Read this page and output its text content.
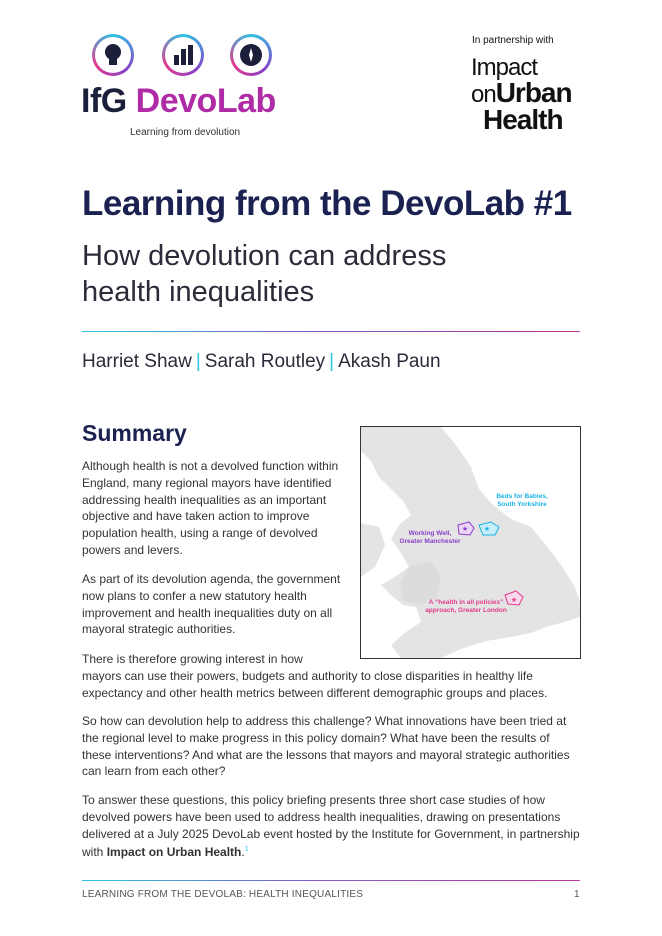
IfG DevoLab
Learning from devolution
In partnership with
Impact
onUrban
Health
Learning from the DevoLab #1
How devolution can address health inequalities
Harriet Shaw | Sarah Routley | Akash Paun
Summary
Although health is not a devolved function within England, many regional mayors have identified addressing health inequalities as an important objective and have taken action to improve population health, using a range of devolved powers and levers.
As part of its devolution agenda, the government now plans to confer a new statutory health improvement and health inequalities duty on all mayoral strategic authorities.
There is therefore growing interest in how
mayors can use their powers, budgets and authority to close disparities in healthy life expectancy and other health metrics between different demographic groups and places.
So how can devolution help to address this challenge? What innovations have been tried at the regional level to make progress in this policy domain? What have been the results of these interventions? And what are the lessons that mayors and mayoral strategic authorities can learn from each other?
To answer these questions, this policy briefing presents three short case studies of how devolved powers have been used to address health inequalities, drawing on presentations delivered at a July 2025 DevoLab event hosted by the Institute for Government, in partnership with Impact on Urban Health.$^1$
★
★
★
Beds for Babies,
South Yorkshire
Working Well,
Greater Manchester
A “health in all policies”
approach, Greater London
LEARNING FROM THE DEVOLAB: HEALTH INEQUALITIES	1
